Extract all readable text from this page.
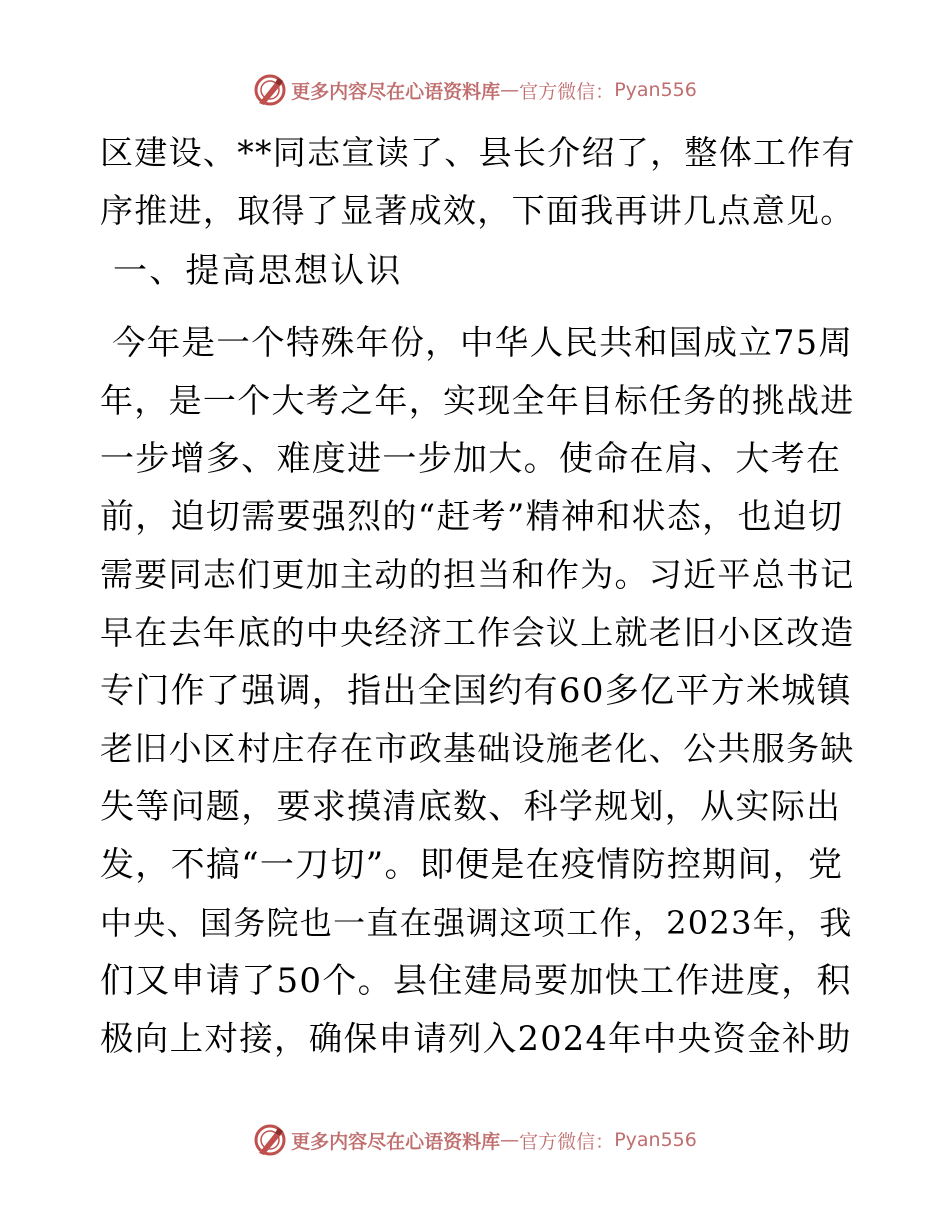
更多内容尽在心语资料库 — 官方微信： Pyan556
区建设、**同志宣读了、县长介绍了，整体工作有
序推进，取得了显著成效，下面我再讲几点意见。
一、提高思想认识
今年是一个特殊年份，中华人民共和国成立75周
年，是一个大考之年，实现全年目标任务的挑战进
一步增多、难度进一步加大。使命在肩、大考在
前，迫切需要强烈的“赶考”精神和状态，也迫切
需要同志们更加主动的担当和作为。习近平总书记
早在去年底的中央经济工作会议上就老旧小区改造
专门作了强调，指出全国约有60多亿平方米城镇
老旧小区村庄存在市政基础设施老化、公共服务缺
失等问题，要求摸清底数、科学规划，从实际出
发，不搞“一刀切”。即便是在疫情防控期间，党
中央、国务院也一直在强调这项工作，2023年，我
们又申请了50个。县住建局要加快工作进度，积
极向上对接，确保申请列入2024年中央资金补助
更多内容尽在心语资料库 — 官方微信： Pyan556
